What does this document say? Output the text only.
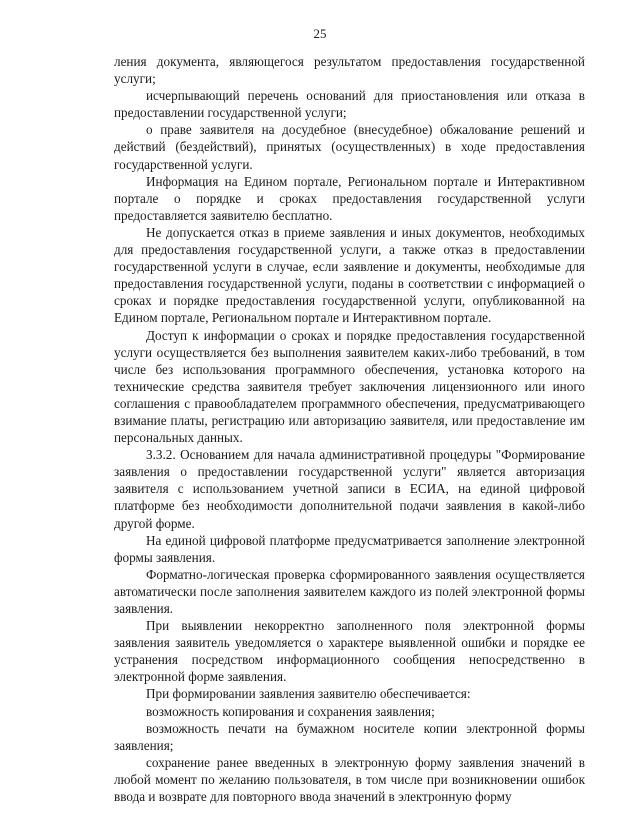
25

ления документа, являющегося результатом предоставления государственной услуги;

исчерпывающий перечень оснований для приостановления или отказа в предоставлении государственной услуги;

о праве заявителя на досудебное (внесудебное) обжалование решений и действий (бездействий), принятых (осуществленных) в ходе предоставления государственной услуги.

Информация на Едином портале, Региональном портале и Интерактивном портале о порядке и сроках предоставления государственной услуги предоставляется заявителю бесплатно.

Не допускается отказ в приеме заявления и иных документов, необходимых для предоставления государственной услуги, а также отказ в предоставлении государственной услуги в случае, если заявление и документы, необходимые для предоставления государственной услуги, поданы в соответствии с информацией о сроках и порядке предоставления государственной услуги, опубликованной на Едином портале, Региональном портале и Интерактивном портале.

Доступ к информации о сроках и порядке предоставления государственной услуги осуществляется без выполнения заявителем каких-либо требований, в том числе без использования программного обеспечения, установка которого на технические средства заявителя требует заключения лицензионного или иного соглашения с правообладателем программного обеспечения, предусматривающего взимание платы, регистрацию или авторизацию заявителя, или предоставление им персональных данных.

3.3.2. Основанием для начала административной процедуры "Формирование заявления о предоставлении государственной услуги" является авторизация заявителя с использованием учетной записи в ЕСИА, на единой цифровой платформе без необходимости дополнительной подачи заявления в какой-либо другой форме.

На единой цифровой платформе предусматривается заполнение электронной формы заявления.

Форматно-логическая проверка сформированного заявления осуществляется автоматически после заполнения заявителем каждого из полей электронной формы заявления.

При выявлении некорректно заполненного поля электронной формы заявления заявитель уведомляется о характере выявленной ошибки и порядке ее устранения посредством информационного сообщения непосредственно в электронной форме заявления.

При формировании заявления заявителю обеспечивается:

возможность копирования и сохранения заявления;

возможность печати на бумажном носителе копии электронной формы заявления;

сохранение ранее введенных в электронную форму заявления значений в любой момент по желанию пользователя, в том числе при возникновении ошибок ввода и возврате для повторного ввода значений в электронную форму
